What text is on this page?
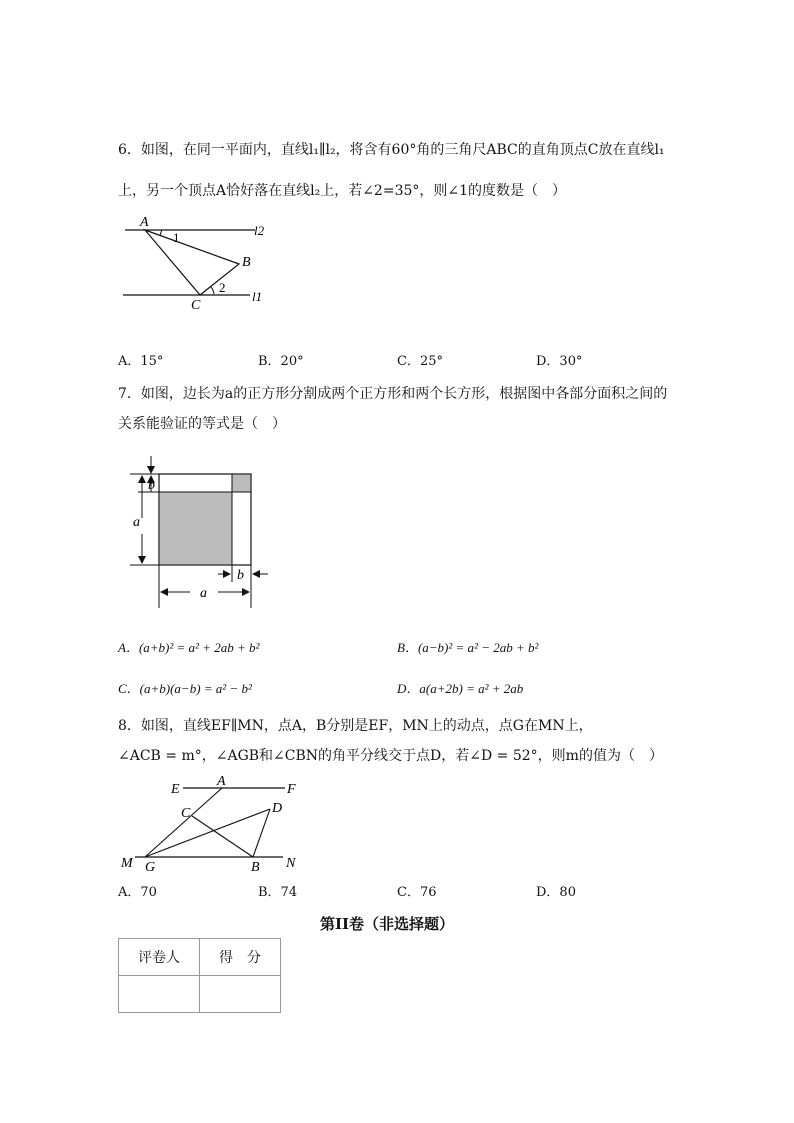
6．如图，在同一平面内，直线l₁∥l₂，将含有60°角的三角尺ABC的直角顶点C放在直线l₁
上，另一个顶点A恰好落在直线l₂上，若∠2=35°，则∠1的度数是（　）
A
1	l2
B
2
l1
C
A．15°	B．20°	C．25°	D．30°
7．如图，边长为a的正方形分割成两个正方形和两个长方形，根据图中各部分面积之间的
关系能验证的等式是（　）
b
a
b
a
A．(a+b)² = a² + 2ab + b²	B．(a−b)² = a² − 2ab + b²
C．(a+b)(a−b) = a² − b²	D．a(a+2b) = a² + 2ab
8．如图，直线EF∥MN，点A，B分别是EF，MN上的动点，点G在MN上，
∠ACB = m°，∠AGB和∠CBN的角平分线交于点D，若∠D = 52°，则m的值为（　）
E
A
F
C	D
M G	B N
A．70	B．74	C．76	D．80
第II卷（非选择题）
评卷人	得　分
